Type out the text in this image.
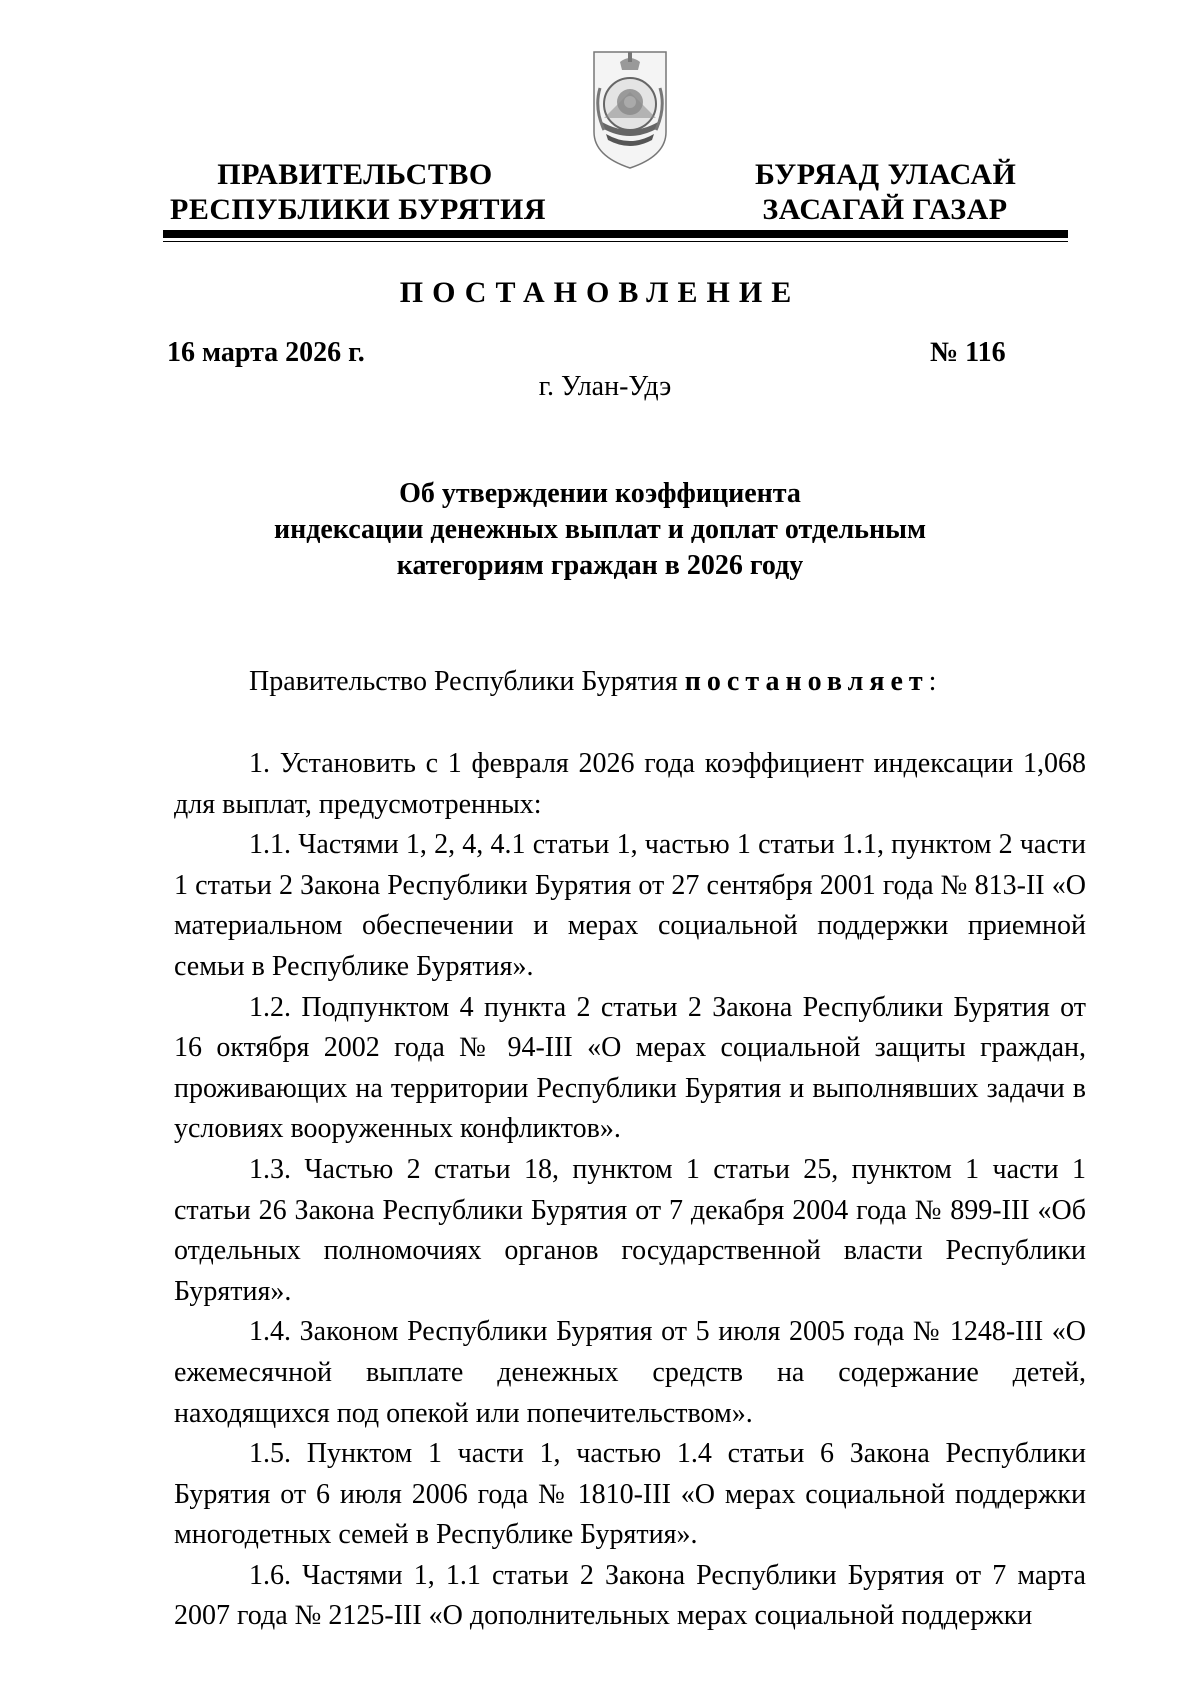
ПРАВИТЕЛЬСТВО
РЕСПУБЛИКИ БУРЯТИЯ
БУРЯАД УЛАСАЙ
ЗАСАГАЙ ГАЗАР
ПОСТАНОВЛЕНИЕ
16 марта 2026 г.	№ 116
г. Улан-Удэ
Об утверждении коэффициента
индексации денежных выплат и доплат отдельным
категориям граждан в 2026 году
Правительство Республики Бурятия постановляет:

1. Установить с 1 февраля 2026 года коэффициент индексации 1,068 для выплат, предусмотренных:

1.1. Частями 1, 2, 4, 4.1 статьи 1, частью 1 статьи 1.1, пунктом 2 части 1 статьи 2 Закона Республики Бурятия от 27 сентября 2001 года № 813-II «О материальном обеспечении и мерах социальной поддержки приемной семьи в Республике Бурятия».

1.2. Подпунктом 4 пункта 2 статьи 2 Закона Республики Бурятия от 16 октября 2002 года № 94-III «О мерах социальной защиты граждан, проживающих на территории Республики Бурятия и выполнявших задачи в условиях вооруженных конфликтов».

1.3. Частью 2 статьи 18, пунктом 1 статьи 25, пунктом 1 части 1 статьи 26 Закона Республики Бурятия от 7 декабря 2004 года № 899-III «Об отдельных полномочиях органов государственной власти Республики Бурятия».

1.4. Законом Республики Бурятия от 5 июля 2005 года № 1248-III «О ежемесячной выплате денежных средств на содержание детей, находящихся под опекой или попечительством».

1.5. Пунктом 1 части 1, частью 1.4 статьи 6 Закона Республики Бурятия от 6 июля 2006 года № 1810-III «О мерах социальной поддержки многодетных семей в Республике Бурятия».

1.6. Частями 1, 1.1 статьи 2 Закона Республики Бурятия от 7 марта 2007 года № 2125-III «О дополнительных мерах социальной поддержки
